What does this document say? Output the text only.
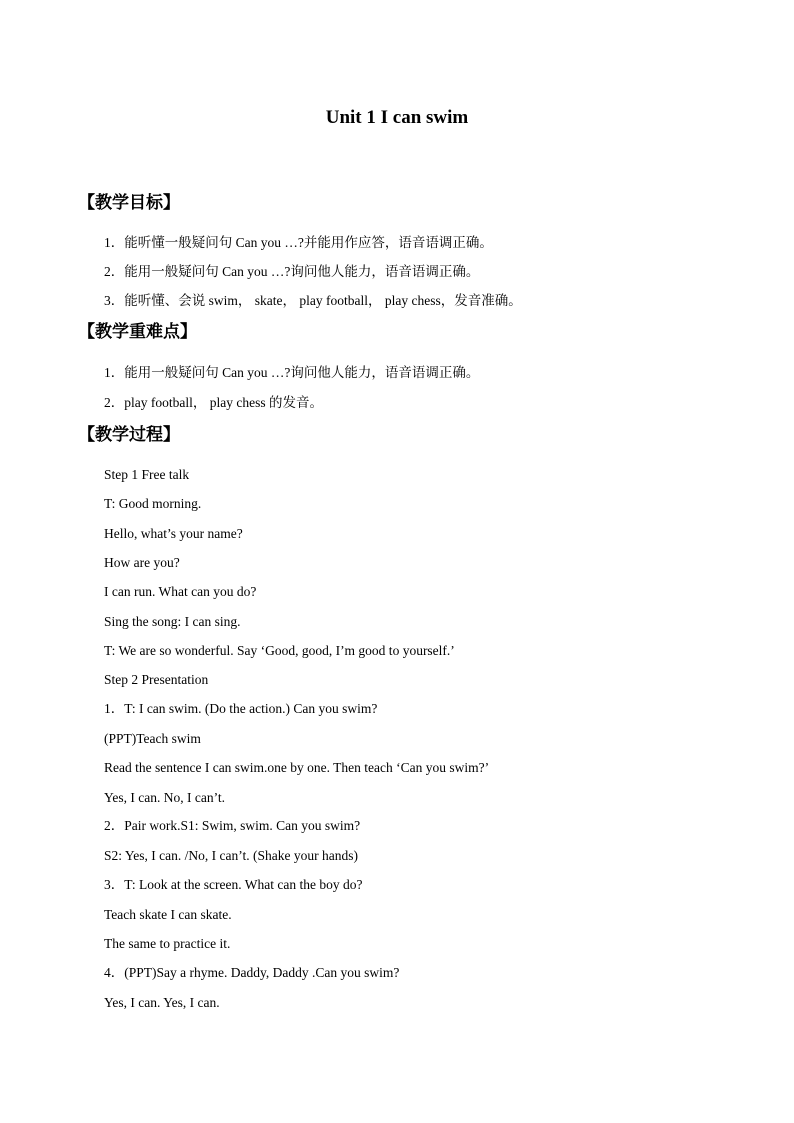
Unit 1 I can swim
【教学目标】
1．能听懂一般疑问句 Can you …?并能用作应答，语音语调正确。
2．能用一般疑问句 Can you …?询问他人能力，语音语调正确。
3．能听懂、会说 swim， skate， play football， play chess，发音准确。
【教学重难点】
1．能用一般疑问句 Can you …?询问他人能力，语音语调正确。
2．play football， play chess 的发音。
【教学过程】
Step 1 Free talk
T: Good morning.
Hello, what’s your name?
How are you?
I can run. What can you do?
Sing the song: I can sing.
T: We are so wonderful. Say ‘Good, good, I’m good to yourself.’
Step 2 Presentation
1．T: I can swim. (Do the action.) Can you swim?
(PPT)Teach swim
Read the sentence I can swim.one by one. Then teach ‘Can you swim?’
Yes, I can. No, I can’t.
2．Pair work.S1: Swim, swim. Can you swim?
S2: Yes, I can. /No, I can’t. (Shake your hands)
3．T: Look at the screen. What can the boy do?
Teach skate I can skate.
The same to practice it.
4．(PPT)Say a rhyme. Daddy, Daddy .Can you swim?
Yes, I can. Yes, I can.
